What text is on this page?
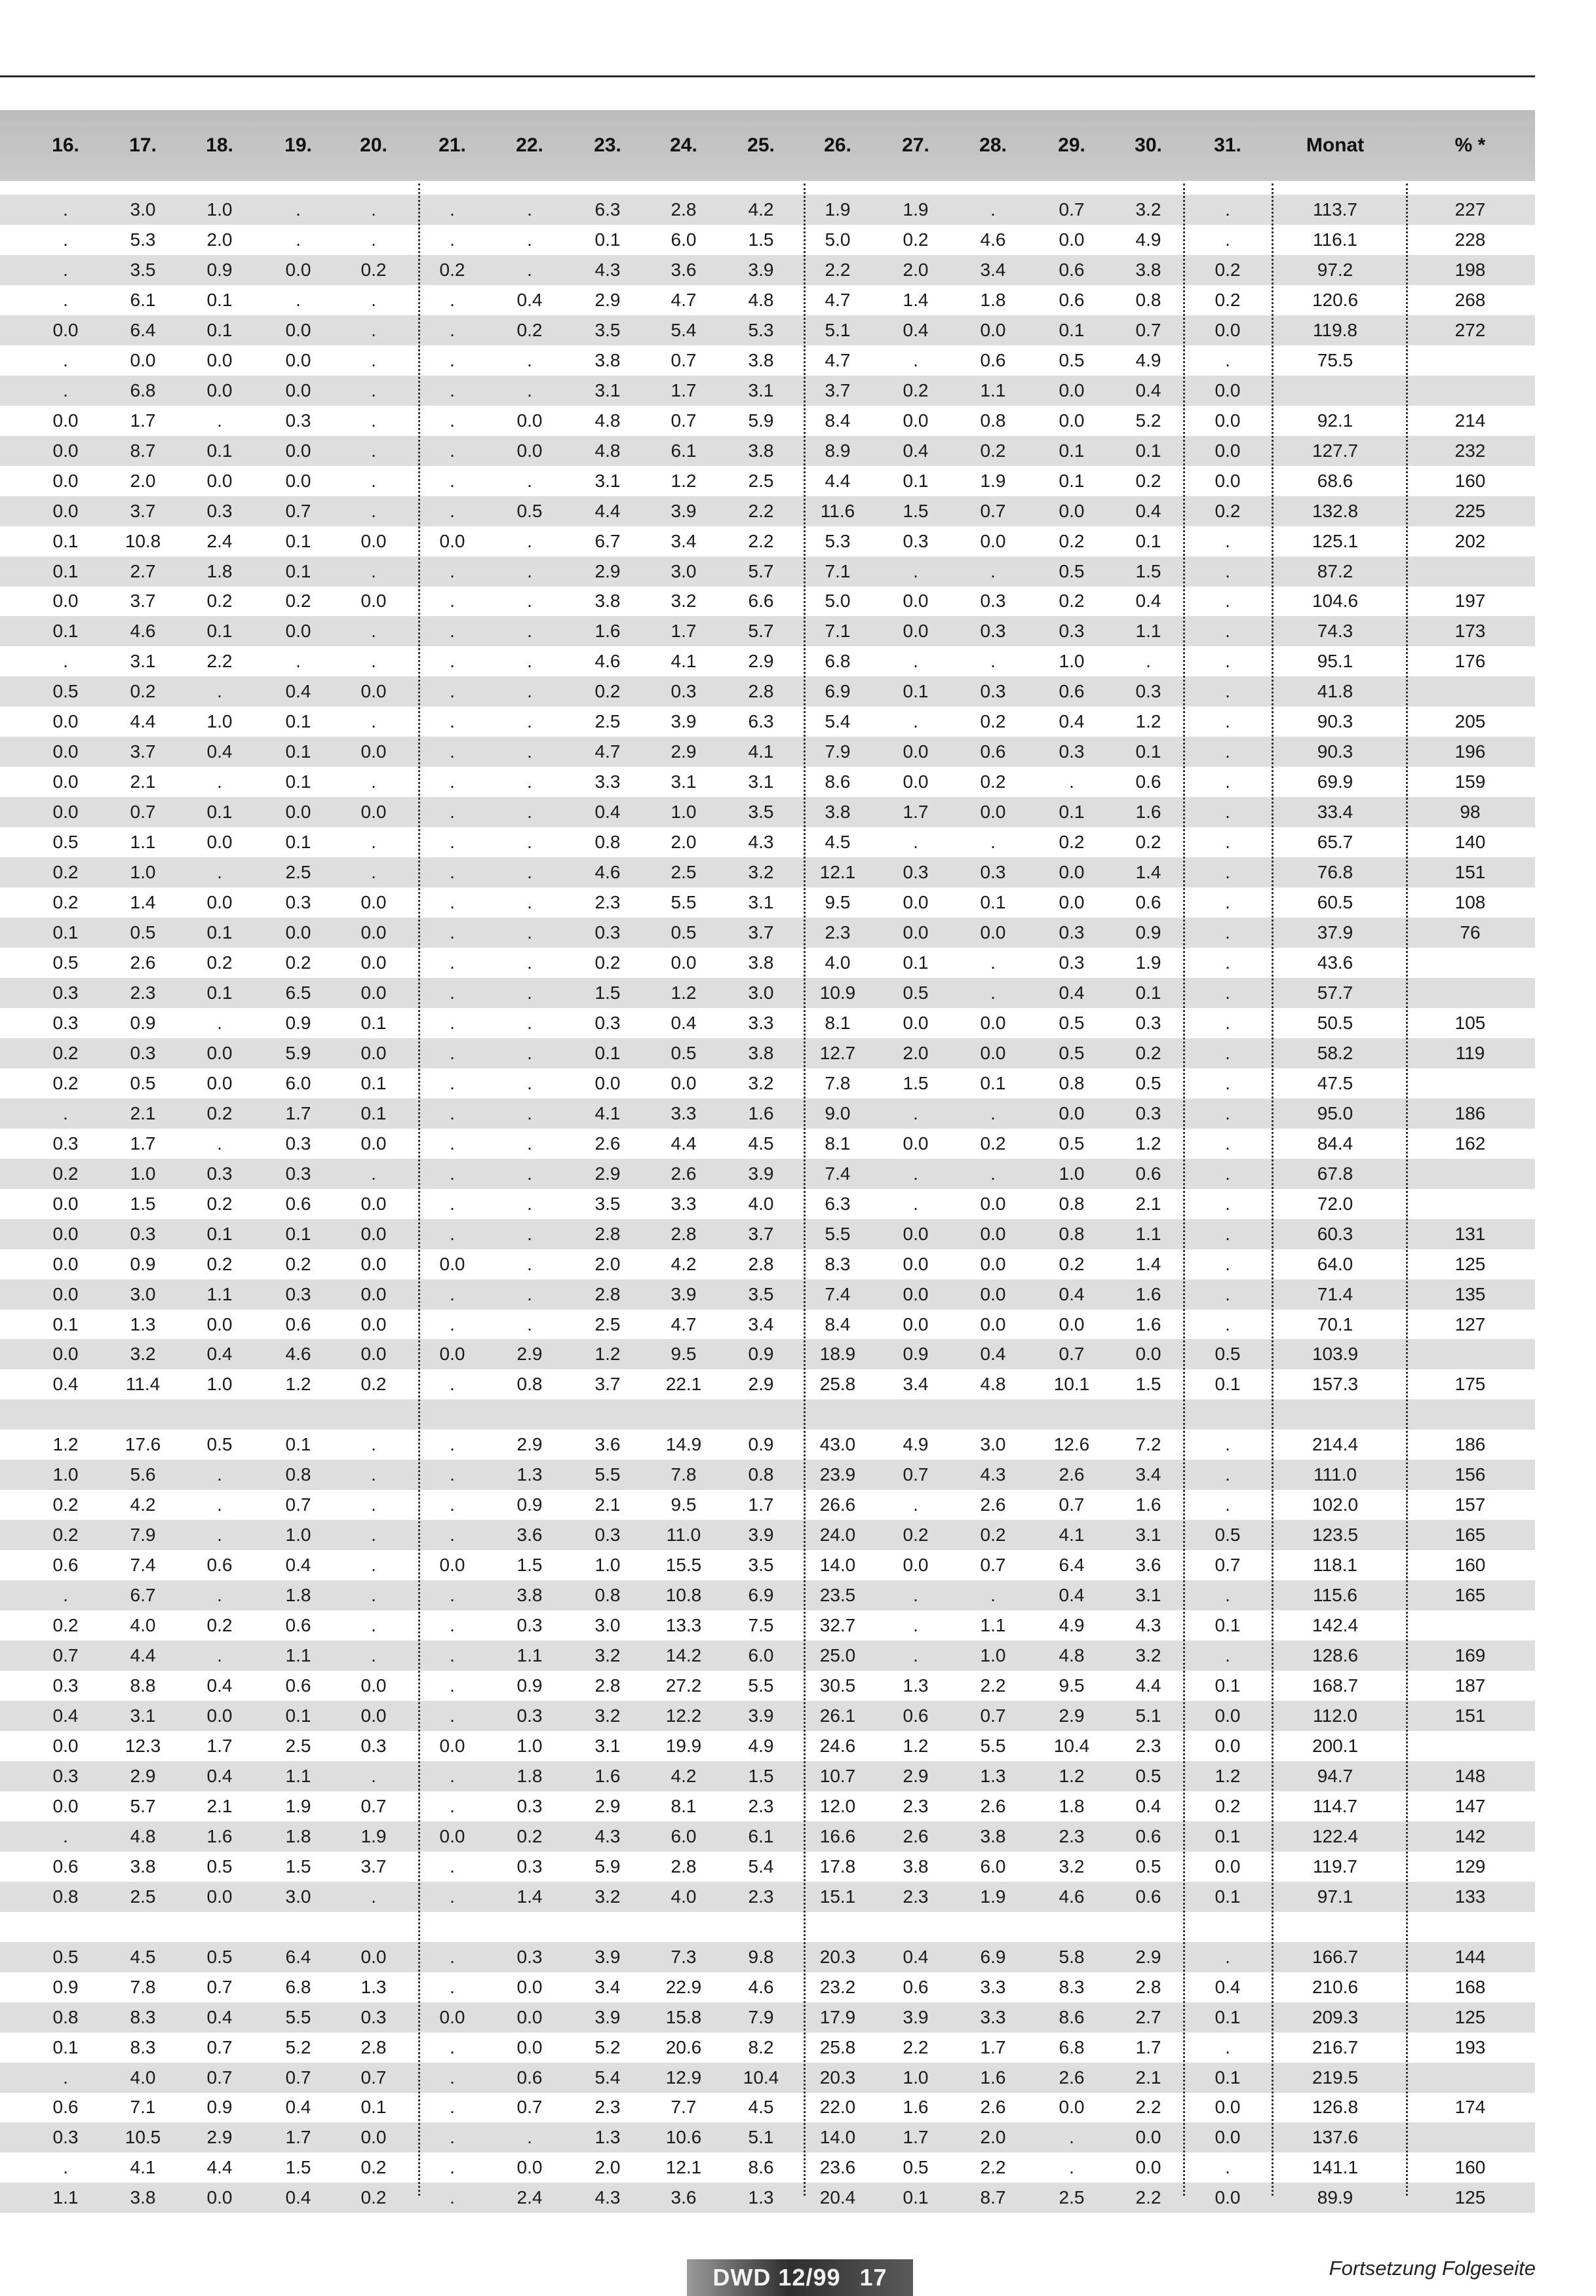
16.	17.	18.	19.	20.	21.	22.	23.	24.	25.	26.	27.	28.	29.	30.	31.	Monat	% *
.	3.0	1.0	.	.	.	.	6.3	2.8	4.2	1.9	1.9	.	0.7	3.2	.	113.7	227
.	5.3	2.0	.	.	.	.	0.1	6.0	1.5	5.0	0.2	4.6	0.0	4.9	.	116.1	228
.	3.5	0.9	0.0	0.2	0.2	.	4.3	3.6	3.9	2.2	2.0	3.4	0.6	3.8	0.2	97.2	198
.	6.1	0.1	.	.	.	0.4	2.9	4.7	4.8	4.7	1.4	1.8	0.6	0.8	0.2	120.6	268
0.0	6.4	0.1	0.0	.	.	0.2	3.5	5.4	5.3	5.1	0.4	0.0	0.1	0.7	0.0	119.8	272
.	0.0	0.0	0.0	.	.	.	3.8	0.7	3.8	4.7	.	0.6	0.5	4.9	.	75.5
.	6.8	0.0	0.0	.	.	.	3.1	1.7	3.1	3.7	0.2	1.1	0.0	0.4	0.0
0.0	1.7	.	0.3	.	.	0.0	4.8	0.7	5.9	8.4	0.0	0.8	0.0	5.2	0.0	92.1	214
0.0	8.7	0.1	0.0	.	.	0.0	4.8	6.1	3.8	8.9	0.4	0.2	0.1	0.1	0.0	127.7	232
0.0	2.0	0.0	0.0	.	.	.	3.1	1.2	2.5	4.4	0.1	1.9	0.1	0.2	0.0	68.6	160
0.0	3.7	0.3	0.7	.	.	0.5	4.4	3.9	2.2	11.6	1.5	0.7	0.0	0.4	0.2	132.8	225
0.1	10.8	2.4	0.1	0.0	0.0	.	6.7	3.4	2.2	5.3	0.3	0.0	0.2	0.1	.	125.1	202
0.1	2.7	1.8	0.1	.	.	.	2.9	3.0	5.7	7.1	.	.	0.5	1.5	.	87.2
0.0	3.7	0.2	0.2	0.0	.	.	3.8	3.2	6.6	5.0	0.0	0.3	0.2	0.4	.	104.6	197
0.1	4.6	0.1	0.0	.	.	.	1.6	1.7	5.7	7.1	0.0	0.3	0.3	1.1	.	74.3	173
.	3.1	2.2	.	.	.	.	4.6	4.1	2.9	6.8	.	.	1.0	.	.	95.1	176
0.5	0.2	.	0.4	0.0	.	.	0.2	0.3	2.8	6.9	0.1	0.3	0.6	0.3	.	41.8
0.0	4.4	1.0	0.1	.	.	.	2.5	3.9	6.3	5.4	.	0.2	0.4	1.2	.	90.3	205
0.0	3.7	0.4	0.1	0.0	.	.	4.7	2.9	4.1	7.9	0.0	0.6	0.3	0.1	.	90.3	196
0.0	2.1	.	0.1	.	.	.	3.3	3.1	3.1	8.6	0.0	0.2	.	0.6	.	69.9	159
0.0	0.7	0.1	0.0	0.0	.	.	0.4	1.0	3.5	3.8	1.7	0.0	0.1	1.6	.	33.4	98
0.5	1.1	0.0	0.1	.	.	.	0.8	2.0	4.3	4.5	.	.	0.2	0.2	.	65.7	140
0.2	1.0	.	2.5	.	.	.	4.6	2.5	3.2	12.1	0.3	0.3	0.0	1.4	.	76.8	151
0.2	1.4	0.0	0.3	0.0	.	.	2.3	5.5	3.1	9.5	0.0	0.1	0.0	0.6	.	60.5	108
0.1	0.5	0.1	0.0	0.0	.	.	0.3	0.5	3.7	2.3	0.0	0.0	0.3	0.9	.	37.9	76
0.5	2.6	0.2	0.2	0.0	.	.	0.2	0.0	3.8	4.0	0.1	.	0.3	1.9	.	43.6
0.3	2.3	0.1	6.5	0.0	.	.	1.5	1.2	3.0	10.9	0.5	.	0.4	0.1	.	57.7
0.3	0.9	.	0.9	0.1	.	.	0.3	0.4	3.3	8.1	0.0	0.0	0.5	0.3	.	50.5	105
0.2	0.3	0.0	5.9	0.0	.	.	0.1	0.5	3.8	12.7	2.0	0.0	0.5	0.2	.	58.2	119
0.2	0.5	0.0	6.0	0.1	.	.	0.0	0.0	3.2	7.8	1.5	0.1	0.8	0.5	.	47.5
.	2.1	0.2	1.7	0.1	.	.	4.1	3.3	1.6	9.0	.	.	0.0	0.3	.	95.0	186
0.3	1.7	.	0.3	0.0	.	.	2.6	4.4	4.5	8.1	0.0	0.2	0.5	1.2	.	84.4	162
0.2	1.0	0.3	0.3	.	.	.	2.9	2.6	3.9	7.4	.	.	1.0	0.6	.	67.8
0.0	1.5	0.2	0.6	0.0	.	.	3.5	3.3	4.0	6.3	.	0.0	0.8	2.1	.	72.0
0.0	0.3	0.1	0.1	0.0	.	.	2.8	2.8	3.7	5.5	0.0	0.0	0.8	1.1	.	60.3	131
0.0	0.9	0.2	0.2	0.0	0.0	.	2.0	4.2	2.8	8.3	0.0	0.0	0.2	1.4	.	64.0	125
0.0	3.0	1.1	0.3	0.0	.	.	2.8	3.9	3.5	7.4	0.0	0.0	0.4	1.6	.	71.4	135
0.1	1.3	0.0	0.6	0.0	.	.	2.5	4.7	3.4	8.4	0.0	0.0	0.0	1.6	.	70.1	127
0.0	3.2	0.4	4.6	0.0	0.0	2.9	1.2	9.5	0.9	18.9	0.9	0.4	0.7	0.0	0.5	103.9
0.4	11.4	1.0	1.2	0.2	.	0.8	3.7	22.1	2.9	25.8	3.4	4.8	10.1	1.5	0.1	157.3	175
1.2	17.6	0.5	0.1	.	.	2.9	3.6	14.9	0.9	43.0	4.9	3.0	12.6	7.2	.	214.4	186
1.0	5.6	.	0.8	.	.	1.3	5.5	7.8	0.8	23.9	0.7	4.3	2.6	3.4	.	111.0	156
0.2	4.2	.	0.7	.	.	0.9	2.1	9.5	1.7	26.6	.	2.6	0.7	1.6	.	102.0	157
0.2	7.9	.	1.0	.	.	3.6	0.3	11.0	3.9	24.0	0.2	0.2	4.1	3.1	0.5	123.5	165
0.6	7.4	0.6	0.4	.	0.0	1.5	1.0	15.5	3.5	14.0	0.0	0.7	6.4	3.6	0.7	118.1	160
.	6.7	.	1.8	.	.	3.8	0.8	10.8	6.9	23.5	.	.	0.4	3.1	.	115.6	165
0.2	4.0	0.2	0.6	.	.	0.3	3.0	13.3	7.5	32.7	.	1.1	4.9	4.3	0.1	142.4
0.7	4.4	.	1.1	.	.	1.1	3.2	14.2	6.0	25.0	.	1.0	4.8	3.2	.	128.6	169
0.3	8.8	0.4	0.6	0.0	.	0.9	2.8	27.2	5.5	30.5	1.3	2.2	9.5	4.4	0.1	168.7	187
0.4	3.1	0.0	0.1	0.0	.	0.3	3.2	12.2	3.9	26.1	0.6	0.7	2.9	5.1	0.0	112.0	151
0.0	12.3	1.7	2.5	0.3	0.0	1.0	3.1	19.9	4.9	24.6	1.2	5.5	10.4	2.3	0.0	200.1
0.3	2.9	0.4	1.1	.	.	1.8	1.6	4.2	1.5	10.7	2.9	1.3	1.2	0.5	1.2	94.7	148
0.0	5.7	2.1	1.9	0.7	.	0.3	2.9	8.1	2.3	12.0	2.3	2.6	1.8	0.4	0.2	114.7	147
.	4.8	1.6	1.8	1.9	0.0	0.2	4.3	6.0	6.1	16.6	2.6	3.8	2.3	0.6	0.1	122.4	142
0.6	3.8	0.5	1.5	3.7	.	0.3	5.9	2.8	5.4	17.8	3.8	6.0	3.2	0.5	0.0	119.7	129
0.8	2.5	0.0	3.0	.	.	1.4	3.2	4.0	2.3	15.1	2.3	1.9	4.6	0.6	0.1	97.1	133
0.5	4.5	0.5	6.4	0.0	.	0.3	3.9	7.3	9.8	20.3	0.4	6.9	5.8	2.9	.	166.7	144
0.9	7.8	0.7	6.8	1.3	.	0.0	3.4	22.9	4.6	23.2	0.6	3.3	8.3	2.8	0.4	210.6	168
0.8	8.3	0.4	5.5	0.3	0.0	0.0	3.9	15.8	7.9	17.9	3.9	3.3	8.6	2.7	0.1	209.3	125
0.1	8.3	0.7	5.2	2.8	.	0.0	5.2	20.6	8.2	25.8	2.2	1.7	6.8	1.7	.	216.7	193
.	4.0	0.7	0.7	0.7	.	0.6	5.4	12.9	10.4	20.3	1.0	1.6	2.6	2.1	0.1	219.5
0.6	7.1	0.9	0.4	0.1	.	0.7	2.3	7.7	4.5	22.0	1.6	2.6	0.0	2.2	0.0	126.8	174
0.3	10.5	2.9	1.7	0.0	.	.	1.3	10.6	5.1	14.0	1.7	2.0	.	0.0	0.0	137.6
.	4.1	4.4	1.5	0.2	.	0.0	2.0	12.1	8.6	23.6	0.5	2.2	.	0.0	.	141.1	160
1.1	3.8	0.0	0.4	0.2	.	2.4	4.3	3.6	1.3	20.4	0.1	8.7	2.5	2.2	0.0	89.9	125
DWD 12/99 17	Fortsetzung Folgeseite
